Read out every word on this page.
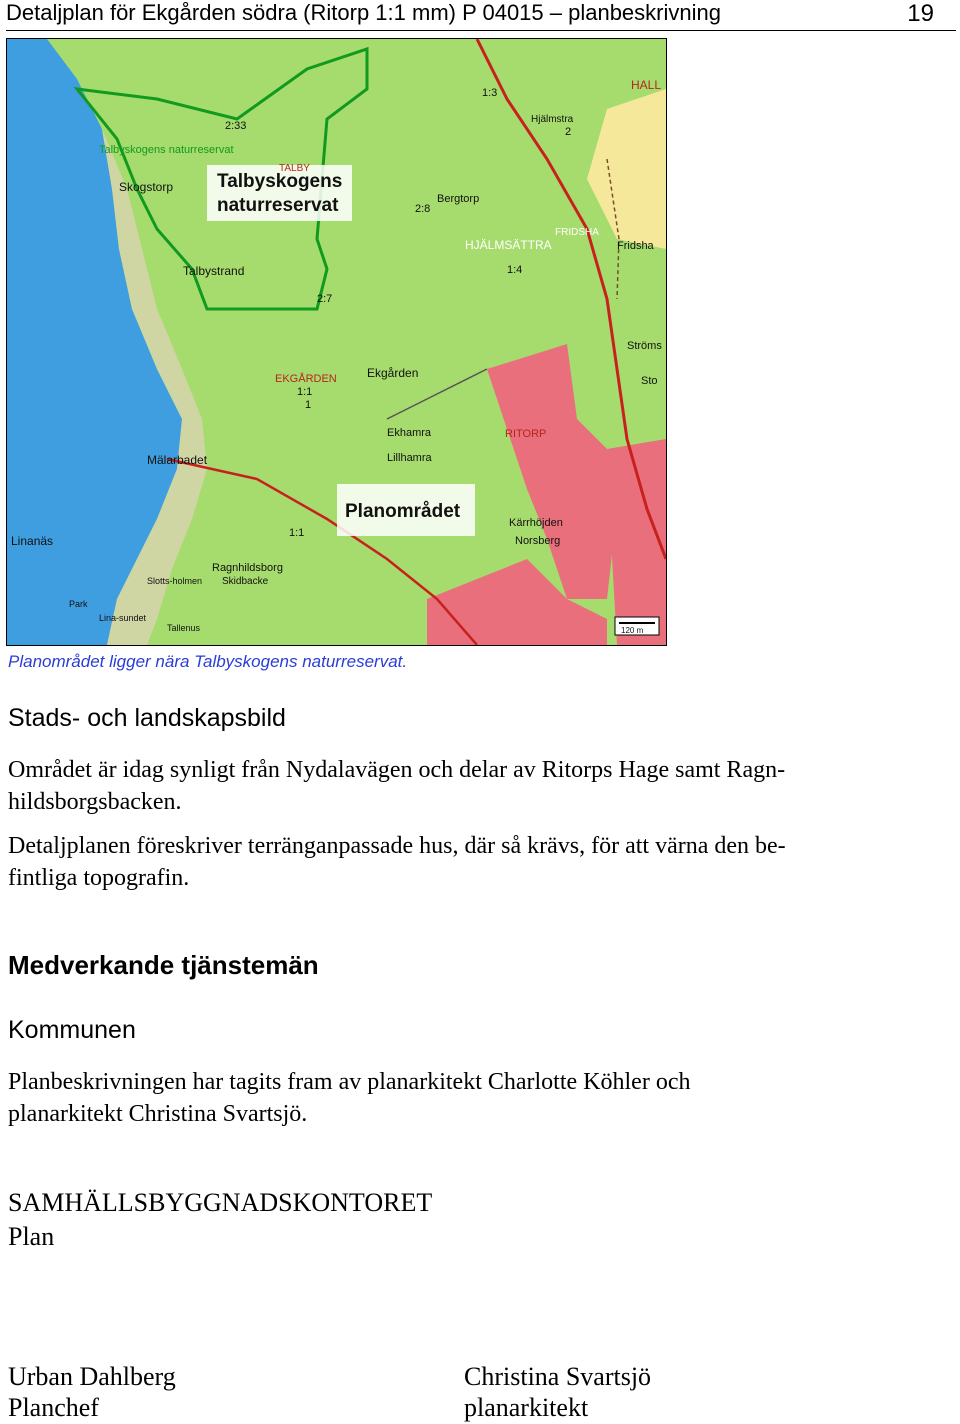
Detaljplan för Ekgården södra (Ritorp 1:1 mm) P 04015 – planbeskrivning	19
Talbyskogens
naturreservat
Planområdet
Talbyskogens naturreservat
Skogstorp
Talbystrand
Mälarbadet
Linanäs
Ragnhildsborg
Skidbacke
EKGÅRDEN	Ekgården
Ekhamra
Lillhamra
RITORP
Kärrhöjden
Norsberg
Bergtorp
HJÄLMSÄTTRA	Fridsha
FRIDSHA
Hjälmstra
Ströms
Sto
HALL
TALBY
Slotts-holmen
Park
Lina-sundet
Tallenus
2:33
2:8
2:7
1:1
1:1
1:3
1:4
2
1
120 m
Planområdet ligger nära Talbyskogens naturreservat.
Stads- och landskapsbild
Området är idag synligt från Nydalavägen och delar av Ritorps Hage samt Ragn-
hildsborgsbacken.
Detaljplanen föreskriver terränganpassade hus, där så krävs, för att värna den be-
fintliga topografin.
Medverkande tjänstemän
Kommunen
Planbeskrivningen har tagits fram av planarkitekt Charlotte Köhler och
planarkitekt Christina Svartsjö.
SAMHÄLLSBYGGNADSKONTORET
Plan
Urban Dahlberg
Planchef
Christina Svartsjö
planarkitekt
